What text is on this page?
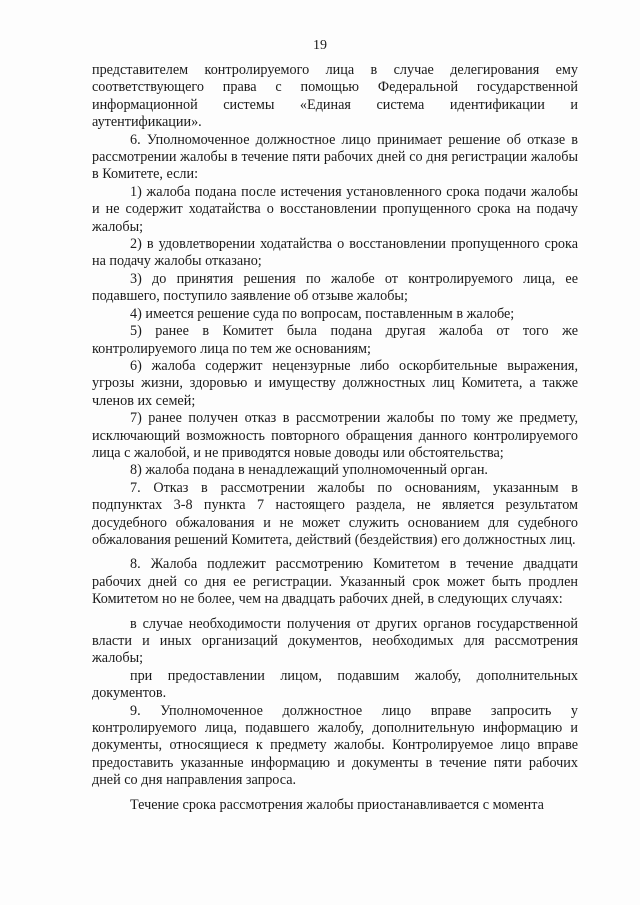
19

представителем контролируемого лица в случае делегирования ему соответствующего права с помощью Федеральной государственной информационной системы «Единая система идентификации и аутентификации».

6. Уполномоченное должностное лицо принимает решение об отказе в рассмотрении жалобы в течение пяти рабочих дней со дня регистрации жалобы в Комитете, если:

1) жалоба подана после истечения установленного срока подачи жалобы и не содержит ходатайства о восстановлении пропущенного срока на подачу жалобы;

2) в удовлетворении ходатайства о восстановлении пропущенного срока на подачу жалобы отказано;

3) до принятия решения по жалобе от контролируемого лица, ее подавшего, поступило заявление об отзыве жалобы;

4) имеется решение суда по вопросам, поставленным в жалобе;

5) ранее в Комитет была подана другая жалоба от того же контролируемого лица по тем же основаниям;

6) жалоба содержит нецензурные либо оскорбительные выражения, угрозы жизни, здоровью и имуществу должностных лиц Комитета, а также членов их семей;

7) ранее получен отказ в рассмотрении жалобы по тому же предмету, исключающий возможность повторного обращения данного контролируемого лица с жалобой, и не приводятся новые доводы или обстоятельства;

8) жалоба подана в ненадлежащий уполномоченный орган.

7. Отказ в рассмотрении жалобы по основаниям, указанным в подпунктах 3-8 пункта 7 настоящего раздела, не является результатом досудебного обжалования и не может служить основанием для судебного обжалования решений Комитета, действий (бездействия) его должностных лиц.

8. Жалоба подлежит рассмотрению Комитетом в течение двадцати рабочих дней со дня ее регистрации. Указанный срок может быть продлен Комитетом но не более, чем на двадцать рабочих дней, в следующих случаях:

в случае необходимости получения от других органов государственной власти и иных организаций документов, необходимых для рассмотрения жалобы;

при предоставлении лицом, подавшим жалобу, дополнительных документов.

9. Уполномоченное должностное лицо вправе запросить у контролируемого лица, подавшего жалобу, дополнительную информацию и документы, относящиеся к предмету жалобы. Контролируемое лицо вправе предоставить указанные информацию и документы в течение пяти рабочих дней со дня направления запроса.

Течение срока рассмотрения жалобы приостанавливается с момента
